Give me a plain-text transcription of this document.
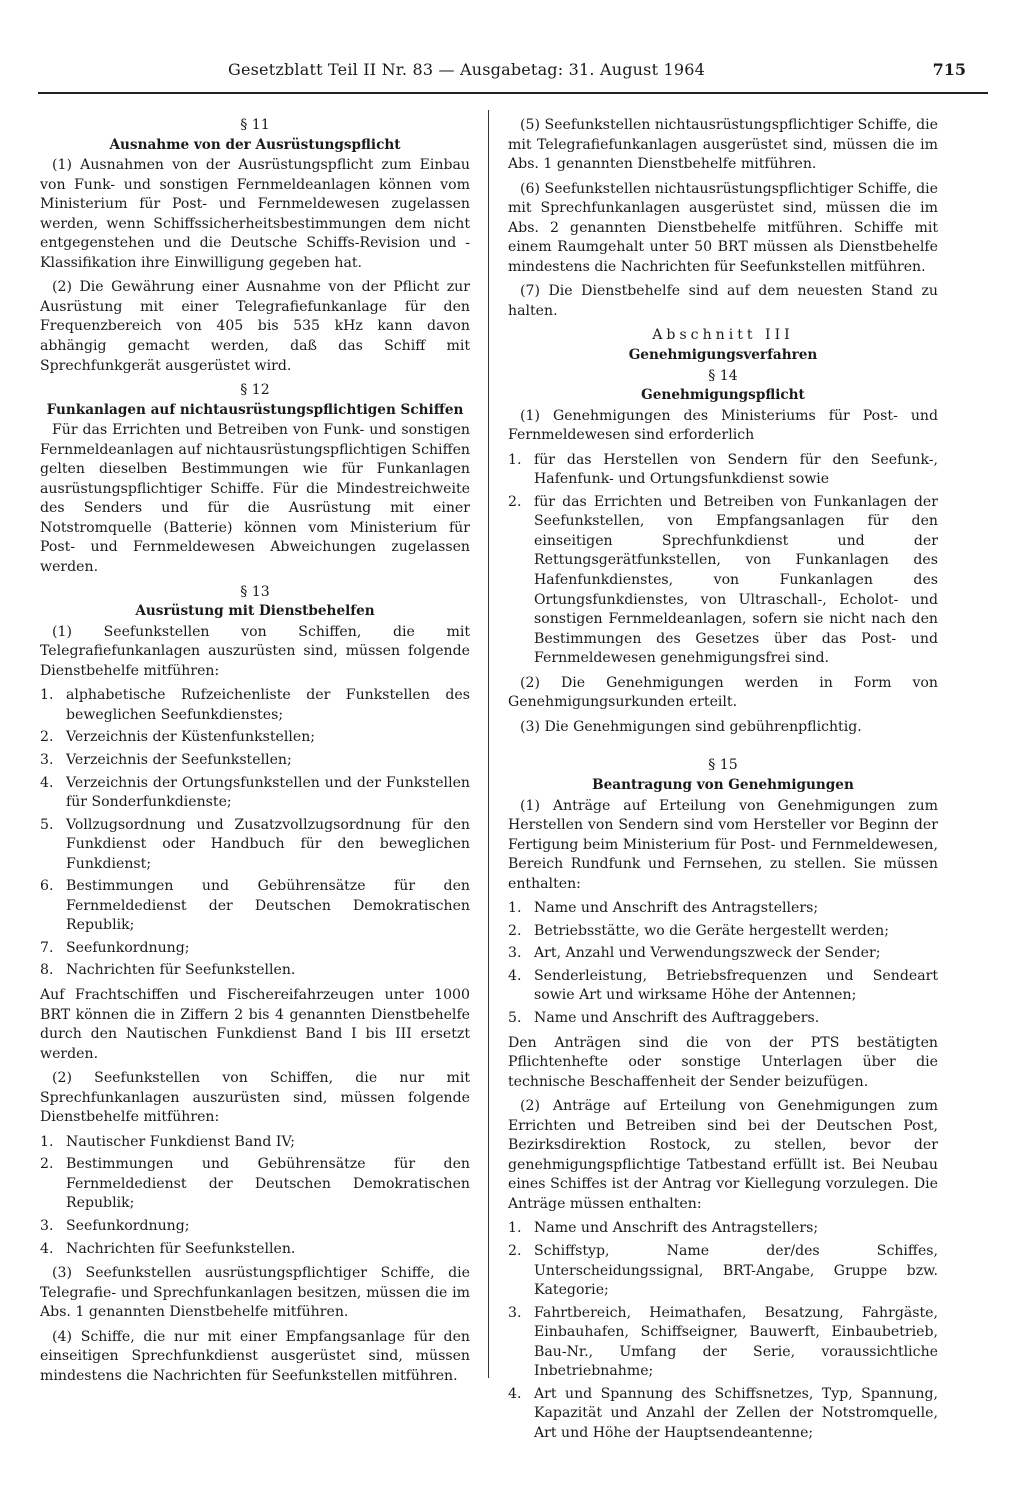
Gesetzblatt Teil II Nr. 83 — Ausgabetag: 31. August 1964	715
§ 11
Ausnahme von der Ausrüstungspflicht

(1) Ausnahmen von der Ausrüstungspflicht zum Einbau von Funk- und sonstigen Fernmeldeanlagen können vom Ministerium für Post- und Fernmeldewesen zugelassen werden, wenn Schiffssicherheitsbestimmungen dem nicht entgegenstehen und die Deutsche Schiffs-Revision und -Klassifikation ihre Einwilligung gegeben hat.

(2) Die Gewährung einer Ausnahme von der Pflicht zur Ausrüstung mit einer Telegrafiefunkanlage für den Frequenzbereich von 405 bis 535 kHz kann davon abhängig gemacht werden, daß das Schiff mit Sprechfunkgerät ausgerüstet wird.

§ 12
Funkanlagen auf nichtausrüstungspflichtigen Schiffen

Für das Errichten und Betreiben von Funk- und sonstigen Fernmeldeanlagen auf nichtausrüstungspflichtigen Schiffen gelten dieselben Bestimmungen wie für Funkanlagen ausrüstungspflichtiger Schiffe. Für die Mindestreichweite des Senders und für die Ausrüstung mit einer Notstromquelle (Batterie) können vom Ministerium für Post- und Fernmeldewesen Abweichungen zugelassen werden.

§ 13
Ausrüstung mit Dienstbehelfen

(1) Seefunkstellen von Schiffen, die mit Telegrafiefunkanlagen auszurüsten sind, müssen folgende Dienstbehelfe mitführen:

1. alphabetische Rufzeichenliste der Funkstellen des beweglichen Seefunkdienstes;
2. Verzeichnis der Küstenfunkstellen;
3. Verzeichnis der Seefunkstellen;
4. Verzeichnis der Ortungsfunkstellen und der Funkstellen für Sonderfunkdienste;
5. Vollzugsordnung und Zusatzvollzugsordnung für den Funkdienst oder Handbuch für den beweglichen Funkdienst;
6. Bestimmungen und Gebührensätze für den Fernmeldedienst der Deutschen Demokratischen Republik;
7. Seefunkordnung;
8. Nachrichten für Seefunkstellen.

Auf Frachtschiffen und Fischereifahrzeugen unter 1000 BRT können die in Ziffern 2 bis 4 genannten Dienstbehelfe durch den Nautischen Funkdienst Band I bis III ersetzt werden.

(2) Seefunkstellen von Schiffen, die nur mit Sprechfunkanlagen auszurüsten sind, müssen folgende Dienstbehelfe mitführen:

1. Nautischer Funkdienst Band IV;
2. Bestimmungen und Gebührensätze für den Fernmeldedienst der Deutschen Demokratischen Republik;
3. Seefunkordnung;
4. Nachrichten für Seefunkstellen.

(3) Seefunkstellen ausrüstungspflichtiger Schiffe, die Telegrafie- und Sprechfunkanlagen besitzen, müssen die im Abs. 1 genannten Dienstbehelfe mitführen.

(4) Schiffe, die nur mit einer Empfangsanlage für den einseitigen Sprechfunkdienst ausgerüstet sind, müssen mindestens die Nachrichten für Seefunkstellen mitführen.

(5) Seefunkstellen nichtausrüstungspflichtiger Schiffe, die mit Telegrafiefunkanlagen ausgerüstet sind, müssen die im Abs. 1 genannten Dienstbehelfe mitführen.

(6) Seefunkstellen nichtausrüstungspflichtiger Schiffe, die mit Sprechfunkanlagen ausgerüstet sind, müssen die im Abs. 2 genannten Dienstbehelfe mitführen. Schiffe mit einem Raumgehalt unter 50 BRT müssen als Dienstbehelfe mindestens die Nachrichten für Seefunkstellen mitführen.

(7) Die Dienstbehelfe sind auf dem neuesten Stand zu halten.

Abschnitt III
Genehmigungsverfahren
§ 14
Genehmigungspflicht

(1) Genehmigungen des Ministeriums für Post- und Fernmeldewesen sind erforderlich

1. für das Herstellen von Sendern für den Seefunk-, Hafenfunk- und Ortungsfunkdienst sowie
2. für das Errichten und Betreiben von Funkanlagen der Seefunkstellen, von Empfangsanlagen für den einseitigen Sprechfunkdienst und der Rettungsgerätfunkstellen, von Funkanlagen des Hafenfunkdienstes, von Funkanlagen des Ortungsfunkdienstes, von Ultraschall-, Echolot- und sonstigen Fernmeldeanlagen, sofern sie nicht nach den Bestimmungen des Gesetzes über das Post- und Fernmeldewesen genehmigungsfrei sind.

(2) Die Genehmigungen werden in Form von Genehmigungsurkunden erteilt.

(3) Die Genehmigungen sind gebührenpflichtig.

§ 15
Beantragung von Genehmigungen

(1) Anträge auf Erteilung von Genehmigungen zum Herstellen von Sendern sind vom Hersteller vor Beginn der Fertigung beim Ministerium für Post- und Fernmeldewesen, Bereich Rundfunk und Fernsehen, zu stellen. Sie müssen enthalten:

1. Name und Anschrift des Antragstellers;
2. Betriebsstätte, wo die Geräte hergestellt werden;
3. Art, Anzahl und Verwendungszweck der Sender;
4. Senderleistung, Betriebsfrequenzen und Sendeart sowie Art und wirksame Höhe der Antennen;
5. Name und Anschrift des Auftraggebers.

Den Anträgen sind die von der PTS bestätigten Pflichtenhefte oder sonstige Unterlagen über die technische Beschaffenheit der Sender beizufügen.

(2) Anträge auf Erteilung von Genehmigungen zum Errichten und Betreiben sind bei der Deutschen Post, Bezirksdirektion Rostock, zu stellen, bevor der genehmigungspflichtige Tatbestand erfüllt ist. Bei Neubau eines Schiffes ist der Antrag vor Kiellegung vorzulegen. Die Anträge müssen enthalten:

1. Name und Anschrift des Antragstellers;
2. Schiffstyp, Name der/des Schiffes, Unterscheidungssignal, BRT-Angabe, Gruppe bzw. Kategorie;
3. Fahrtbereich, Heimathafen, Besatzung, Fahrgäste, Einbauhafen, Schiffseigner, Bauwerft, Einbaubetrieb, Bau-Nr., Umfang der Serie, voraussichtliche Inbetriebnahme;
4. Art und Spannung des Schiffsnetzes, Typ, Spannung, Kapazität und Anzahl der Zellen der Notstromquelle, Art und Höhe der Hauptsendeantenne;
